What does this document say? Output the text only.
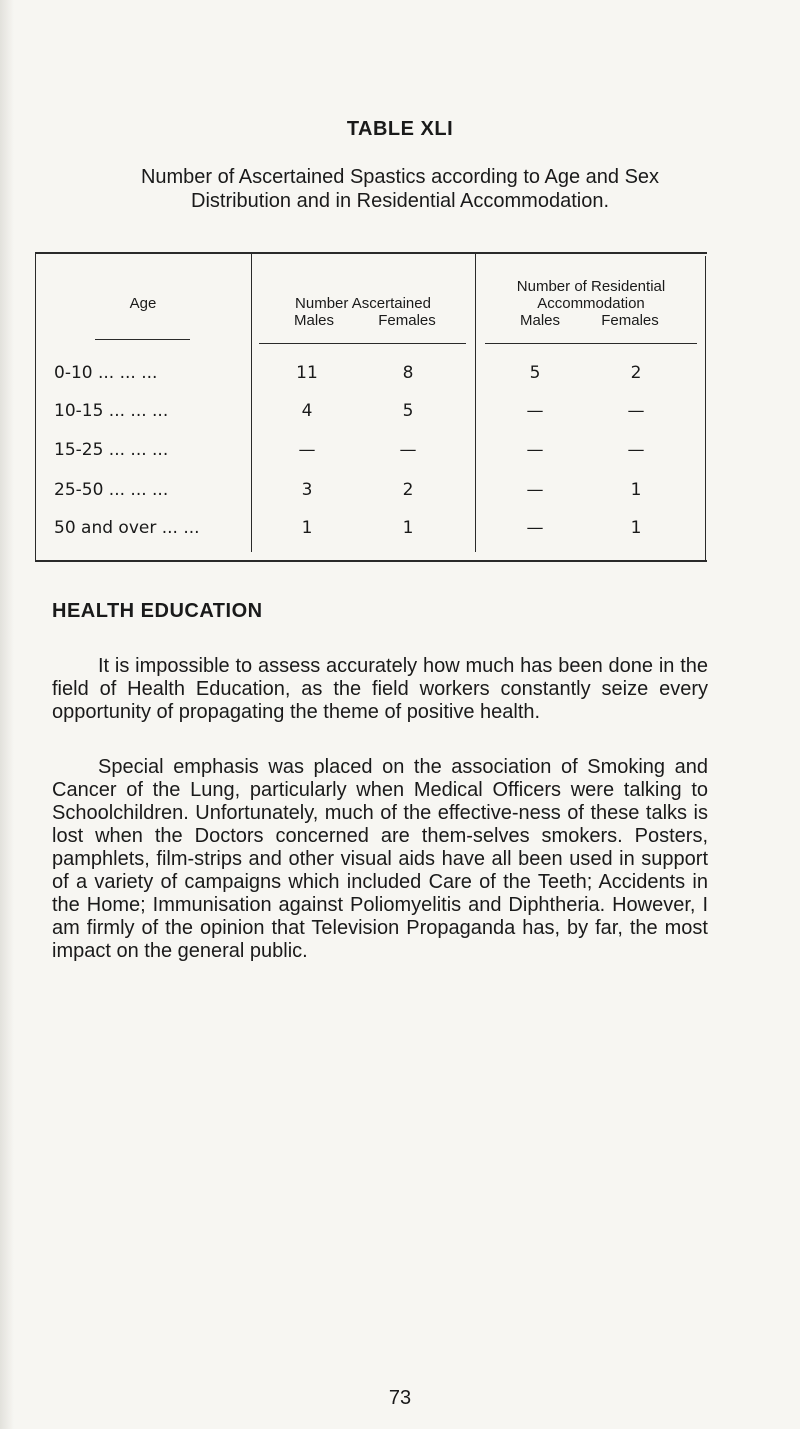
TABLE XLI
Number of Ascertained Spastics according to Age and Sex Distribution and in Residential Accommodation.
Age	Number Ascertained
Males	Females
Number of Residential
Accommodation
Males	Females
0-10 ... ... ...	11	8	5	2
10-15 ... ... ...	4	5	—	—
15-25 ... ... ...	—	—	—	—
25-50 ... ... ...	3	2	—	1
50 and over ... ...	1	1	—	1
HEALTH EDUCATION

It is impossible to assess accurately how much has been done in the field of Health Education, as the field workers constantly seize every opportunity of propagating the theme of positive health.

Special emphasis was placed on the association of Smoking and Cancer of the Lung, particularly when Medical Officers were talking to Schoolchildren. Unfortunately, much of the effective-ness of these talks is lost when the Doctors concerned are them-selves smokers. Posters, pamphlets, film-strips and other visual aids have all been used in support of a variety of campaigns which included Care of the Teeth; Accidents in the Home; Immunisation against Poliomyelitis and Diphtheria. However, I am firmly of the opinion that Television Propaganda has, by far, the most impact on the general public.

73
